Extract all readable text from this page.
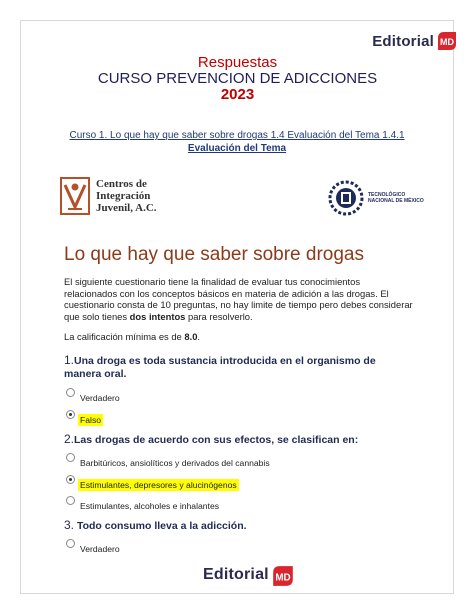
Editorial MD
Respuestas
CURSO PREVENCION DE ADICCIONES
2023
Curso 1. Lo que hay que saber sobre drogas 1.4 Evaluación del Tema 1.4.1
Evaluación del Tema
Centros de
Integración
Juvenil, A.C.
TECNOLÓGICO
NACIONAL DE MÉXICO
Lo que hay que saber sobre drogas
El siguiente cuestionario tiene la finalidad de evaluar tus conocimientos relacionados con los conceptos básicos en materia de adición a las drogas. El cuestionario consta de 10 preguntas, no hay limite de tiempo pero debes considerar que solo tienes dos intentos para resolverlo.
La calificación mínima es de 8.0.
1.Una droga es toda sustancia introducida en el organismo de manera oral.
Verdadero
Falso
2.Las drogas de acuerdo con sus efectos, se clasifican en:
Barbitúricos, ansiolíticos y derivados del cannabis
Estimulantes, depresores y alucinógenos
Estimulantes, alcoholes e inhalantes
3. Todo consumo lleva a la adicción.
Verdadero
Editorial MD
